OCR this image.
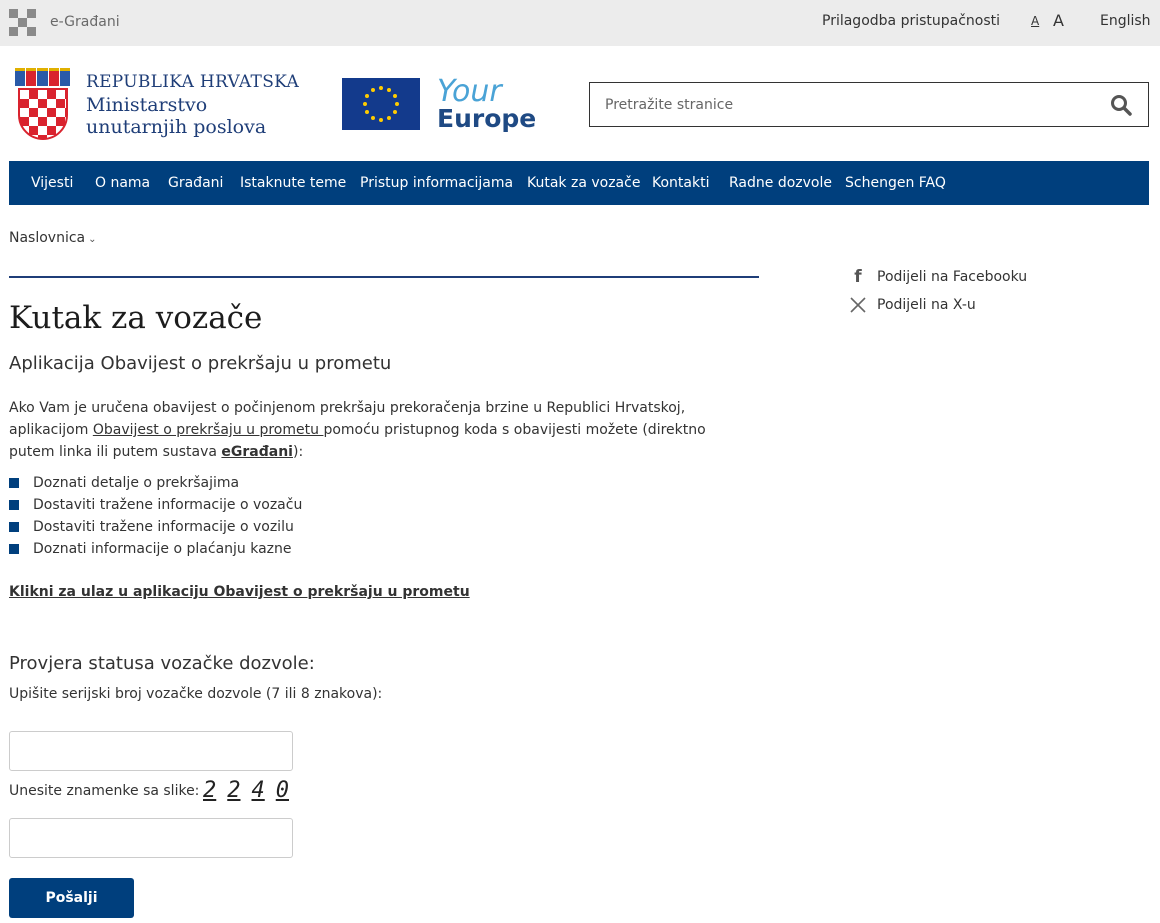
e-Građani	Prilagodba pristupačnosti	A A	English
REPUBLIKA HRVATSKA
Ministarstvo
unutarnjih poslova
Your
Europe
Pretražite stranice
Vijesti O nama Građani Istaknute teme Pristup informacijama Kutak za vozače Kontakti Radne dozvole Schengen FAQ
Naslovnica ⌄
f	Podijeli na Facebooku
Podijeli na X-u
Kutak za vozače
Aplikacija Obavijest o prekršaju u prometu

Ako Vam je uručena obavijest o počinjenom prekršaju prekoračenja brzine u Republici Hrvatskoj, aplikacijom Obavijest o prekršaju u prometu pomoću pristupnog koda s obavijesti možete (direktno putem linka ili putem sustava eGrađani):

Doznati detalje o prekršajima
Dostaviti tražene informacije o vozaču
Dostaviti tražene informacije o vozilu
Doznati informacije o plaćanju kazne
Klikni za ulaz u aplikaciju Obavijest o prekršaju u prometu
Provjera statusa vozačke dozvole:
Upišite serijski broj vozačke dozvole (7 ili 8 znakova):
Unesite znamenke sa slike: 2 2 4 0
Pošalji
